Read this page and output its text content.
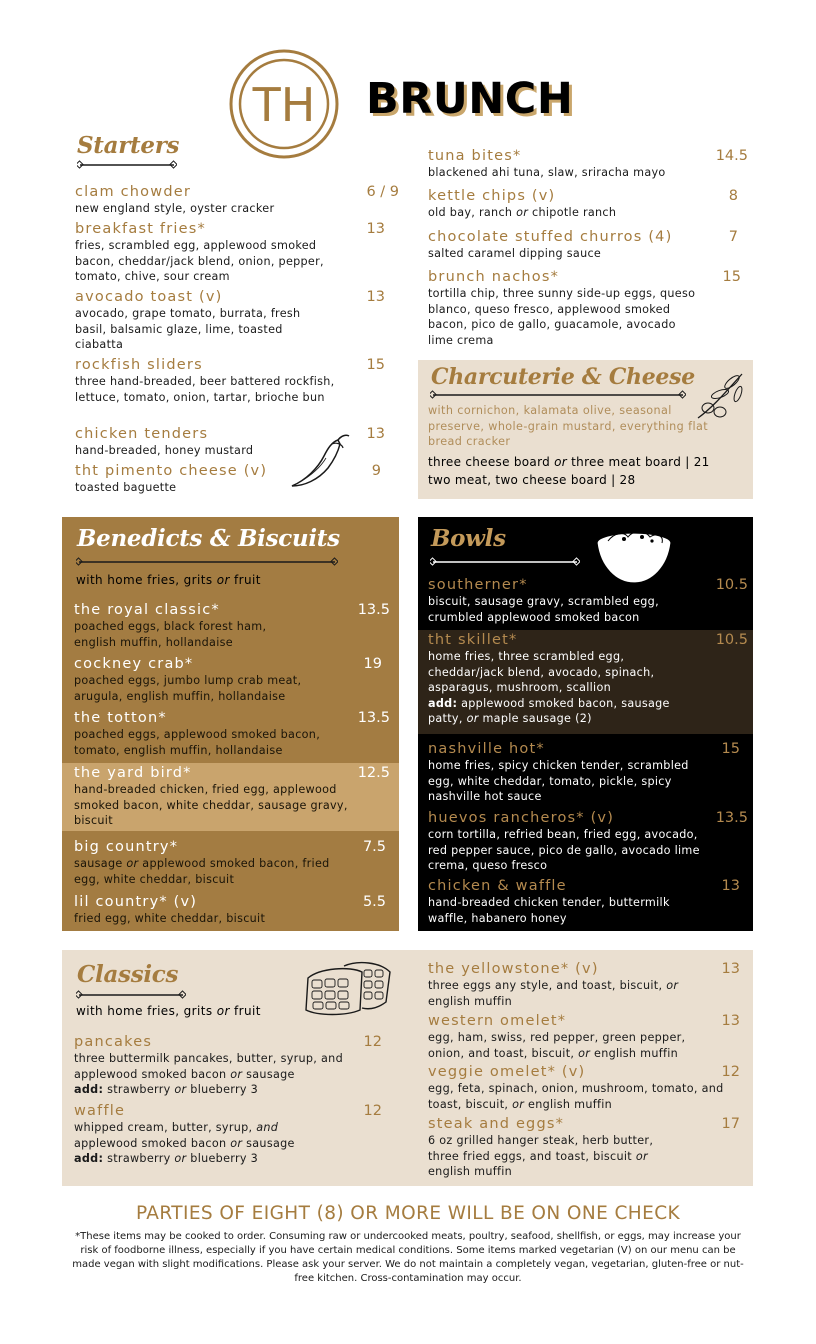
TH BRUNCH
Starters
clam chowder	6 / 9
new england style, oyster cracker
breakfast fries*	13
fries, scrambled egg, applewood smoked bacon, cheddar/jack blend, onion, pepper, tomato, chive, sour cream
avocado toast (v)	13
avocado, grape tomato, burrata, fresh basil, balsamic glaze, lime, toasted ciabatta
rockfish sliders	15
three hand-breaded, beer battered rockfish, lettuce, tomato, onion, tartar, brioche bun
chicken tenders	13
hand-breaded, honey mustard
tht pimento cheese (v)	9
toasted baguette
tuna bites*	14.5
blackened ahi tuna, slaw, sriracha mayo
kettle chips (v)	8
old bay, ranch or chipotle ranch
chocolate stuffed churros (4)	7
salted caramel dipping sauce
brunch nachos*	15
tortilla chip, three sunny side-up eggs, queso blanco, queso fresco, applewood smoked bacon, pico de gallo, guacamole, avocado lime crema
Charcuterie & Cheese
with cornichon, kalamata olive, seasonal preserve, whole-grain mustard, everything flat bread cracker
three cheese board or three meat board | 21
two meat, two cheese board | 28
Benedicts & Biscuits
with home fries, grits or fruit
the royal classic*	13.5
poached eggs, black forest ham, english muffin, hollandaise
cockney crab*	19
poached eggs, jumbo lump crab meat, arugula, english muffin, hollandaise
the totton*	13.5
poached eggs, applewood smoked bacon, tomato, english muffin, hollandaise
the yard bird*	12.5
hand-breaded chicken, fried egg, applewood smoked bacon, white cheddar, sausage gravy, biscuit
big country*	7.5
sausage or applewood smoked bacon, fried egg, white cheddar, biscuit
lil country* (v)	5.5
fried egg, white cheddar, biscuit
Bowls
southerner*	10.5
biscuit, sausage gravy, scrambled egg, crumbled applewood smoked bacon
tht skillet*	10.5
home fries, three scrambled egg, cheddar/jack blend, avocado, spinach, asparagus, mushroom, scallion
add: applewood smoked bacon, sausage patty, or maple sausage (2)
nashville hot*	15
home fries, spicy chicken tender, scrambled egg, white cheddar, tomato, pickle, spicy nashville hot sauce
huevos rancheros* (v)	13.5
corn tortilla, refried bean, fried egg, avocado, red pepper sauce, pico de gallo, avocado lime crema, queso fresco
chicken & waffle	13
hand-breaded chicken tender, buttermilk waffle, habanero honey
Classics
with home fries, grits or fruit
pancakes	12
three buttermilk pancakes, butter, syrup, and applewood smoked bacon or sausage
add: strawberry or blueberry 3
waffle	12
whipped cream, butter, syrup, and applewood smoked bacon or sausage
add: strawberry or blueberry 3
the yellowstone* (v)	13
three eggs any style, and toast, biscuit, or english muffin
western omelet*	13
egg, ham, swiss, red pepper, green pepper, onion, and toast, biscuit, or english muffin
veggie omelet* (v)	12
egg, feta, spinach, onion, mushroom, tomato, and toast, biscuit, or english muffin
steak and eggs*	17
6 oz grilled hanger steak, herb butter, three fried eggs, and toast, biscuit or english muffin
PARTIES OF EIGHT (8) OR MORE WILL BE ON ONE CHECK
*These items may be cooked to order. Consuming raw or undercooked meats, poultry, seafood, shellfish, or eggs, may increase your risk of foodborne illness, especially if you have certain medical conditions. Some items marked vegetarian (V) on our menu can be made vegan with slight modifications. Please ask your server. We do not maintain a completely vegan, vegetarian, gluten-free or nut-free kitchen. Cross-contamination may occur.
